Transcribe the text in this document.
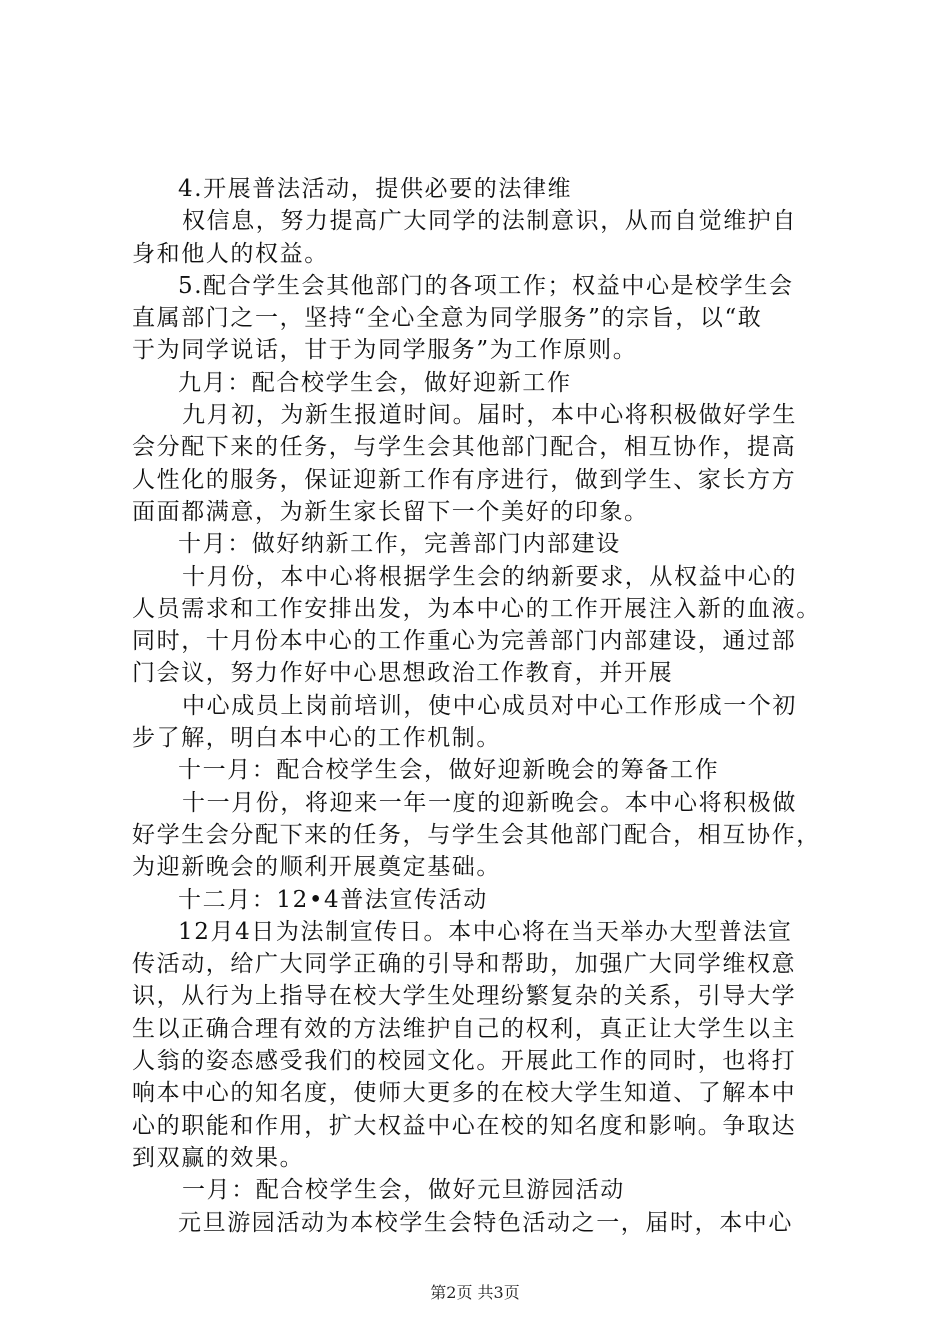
4.开展普法活动，提供必要的法律维

权信息，努力提高广大同学的法制意识，从而自觉维护自

身和他人的权益。

5.配合学生会其他部门的各项工作；权益中心是校学生会

直属部门之一，坚持“全心全意为同学服务”的宗旨，以“敢

于为同学说话，甘于为同学服务”为工作原则。

九月：配合校学生会，做好迎新工作

九月初，为新生报道时间。届时，本中心将积极做好学生

会分配下来的任务，与学生会其他部门配合，相互协作，提高

人性化的服务，保证迎新工作有序进行，做到学生、家长方方

面面都满意，为新生家长留下一个美好的印象。

十月：做好纳新工作，完善部门内部建设

十月份，本中心将根据学生会的纳新要求，从权益中心的

人员需求和工作安排出发，为本中心的工作开展注入新的血液。

同时，十月份本中心的工作重心为完善部门内部建设，通过部

门会议，努力作好中心思想政治工作教育，并开展

中心成员上岗前培训，使中心成员对中心工作形成一个初

步了解，明白本中心的工作机制。

十一月：配合校学生会，做好迎新晚会的筹备工作

十一月份，将迎来一年一度的迎新晚会。本中心将积极做

好学生会分配下来的任务，与学生会其他部门配合，相互协作，

为迎新晚会的顺利开展奠定基础。

十二月：12•4普法宣传活动

12月4日为法制宣传日。本中心将在当天举办大型普法宣

传活动，给广大同学正确的引导和帮助，加强广大同学维权意

识，从行为上指导在校大学生处理纷繁复杂的关系，引导大学

生以正确合理有效的方法维护自己的权利，真正让大学生以主

人翁的姿态感受我们的校园文化。开展此工作的同时，也将打

响本中心的知名度，使师大更多的在校大学生知道、了解本中

心的职能和作用，扩大权益中心在校的知名度和影响。争取达

到双赢的效果。

一月：配合校学生会，做好元旦游园活动

元旦游园活动为本校学生会特色活动之一，届时，本中心

第2页 共3页
